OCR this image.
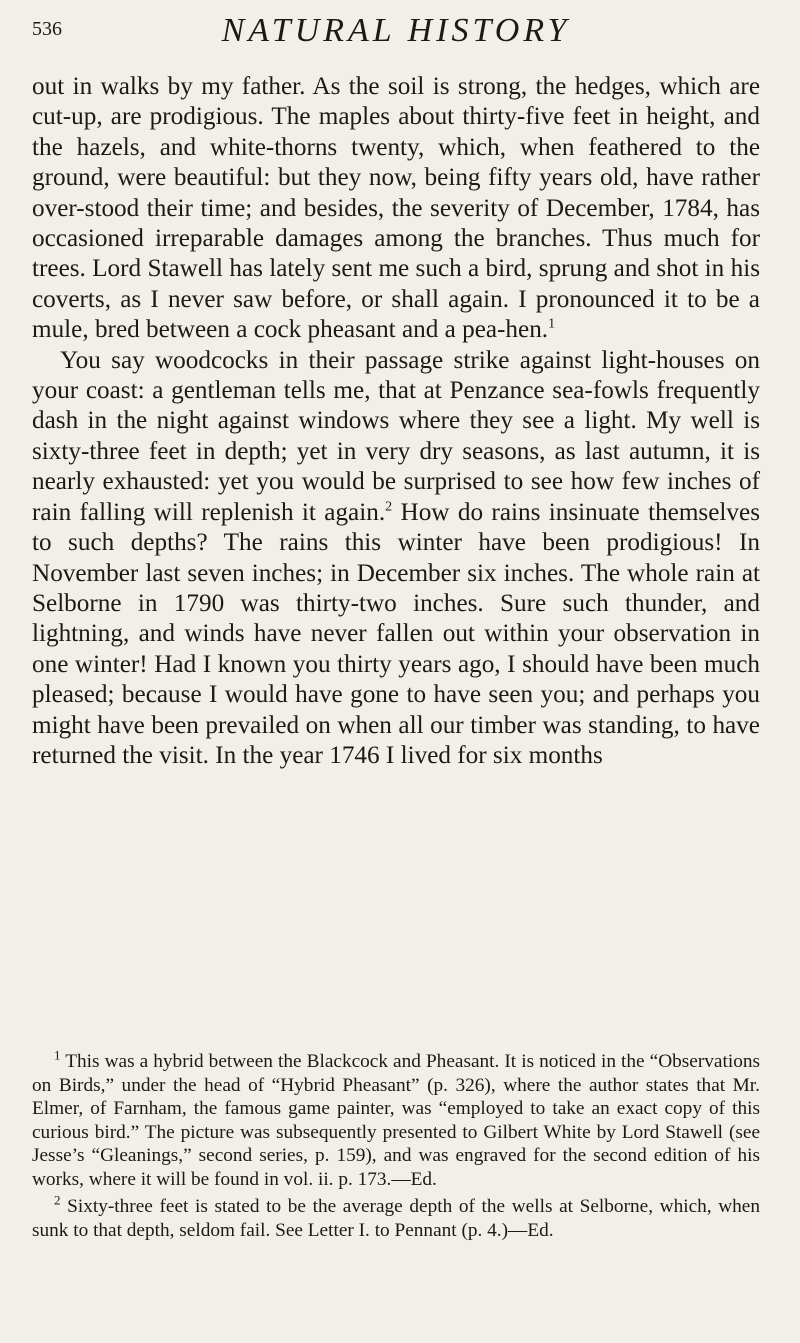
536	NATURAL HISTORY

out in walks by my father. As the soil is strong, the hedges, which are cut-up, are prodigious. The maples about thirty-five feet in height, and the hazels, and white-thorns twenty, which, when feathered to the ground, were beautiful: but they now, being fifty years old, have rather over-stood their time; and besides, the severity of December, 1784, has occasioned irreparable damages among the branches. Thus much for trees. Lord Stawell has lately sent me such a bird, sprung and shot in his coverts, as I never saw before, or shall again. I pronounced it to be a mule, bred between a cock pheasant and a pea-hen.$^1$

You say woodcocks in their passage strike against light-houses on your coast: a gentleman tells me, that at Penzance sea-fowls frequently dash in the night against windows where they see a light. My well is sixty-three feet in depth; yet in very dry seasons, as last autumn, it is nearly exhausted: yet you would be surprised to see how few inches of rain falling will replenish it again.$^2$ How do rains insinuate themselves to such depths? The rains this winter have been prodigious! In November last seven inches; in December six inches. The whole rain at Selborne in 1790 was thirty-two inches. Sure such thunder, and lightning, and winds have never fallen out within your observation in one winter! Had I known you thirty years ago, I should have been much pleased; because I would have gone to have seen you; and perhaps you might have been prevailed on when all our timber was standing, to have returned the visit. In the year 1746 I lived for six months

$^1$ This was a hybrid between the Blackcock and Pheasant. It is noticed in the “Observations on Birds,” under the head of “Hybrid Pheasant” (p. 326), where the author states that Mr. Elmer, of Farnham, the famous game painter, was “employed to take an exact copy of this curious bird.” The picture was subsequently presented to Gilbert White by Lord Stawell (see Jesse’s “Gleanings,” second series, p. 159), and was engraved for the second edition of his works, where it will be found in vol. ii. p. 173.—Ed.

$^2$ Sixty-three feet is stated to be the average depth of the wells at Selborne, which, when sunk to that depth, seldom fail. See Letter I. to Pennant (p. 4.)—Ed.
